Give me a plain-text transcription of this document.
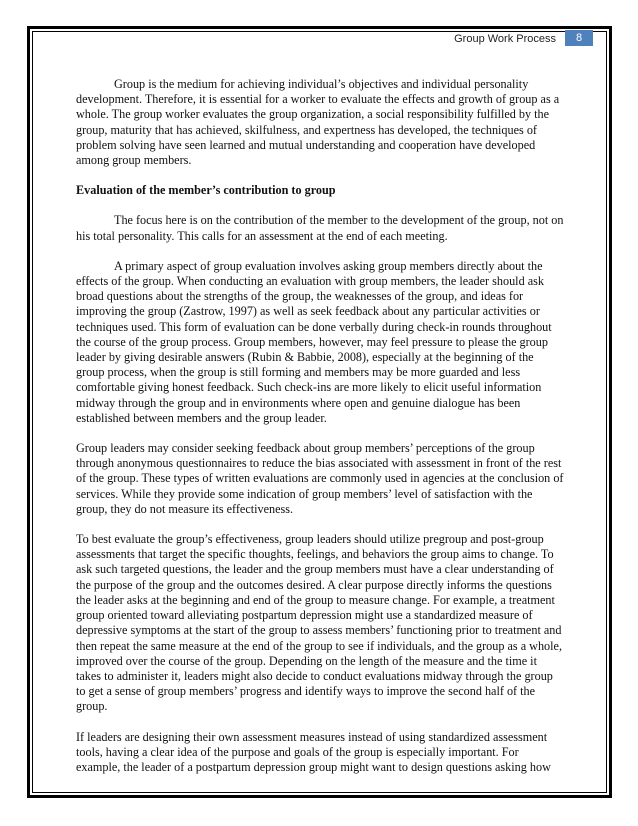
Group Work Process	8

Group is the medium for achieving individual’s objectives and individual personality development. Therefore, it is essential for a worker to evaluate the effects and growth of group as a whole. The group worker evaluates the group organization, a social responsibility fulfilled by the group, maturity that has achieved, skilfulness, and expertness has developed, the techniques of problem solving have seen learned and mutual understanding and cooperation have developed among group members.

Evaluation of the member’s contribution to group

The focus here is on the contribution of the member to the development of the group, not on his total personality. This calls for an assessment at the end of each meeting.

A primary aspect of group evaluation involves asking group members directly about the effects of the group. When conducting an evaluation with group members, the leader should ask broad questions about the strengths of the group, the weaknesses of the group, and ideas for improving the group (Zastrow, 1997) as well as seek feedback about any particular activities or techniques used. This form of evaluation can be done verbally during check-in rounds throughout the course of the group process. Group members, however, may feel pressure to please the group leader by giving desirable answers (Rubin & Babbie, 2008), especially at the beginning of the group process, when the group is still forming and members may be more guarded and less comfortable giving honest feedback. Such check-ins are more likely to elicit useful information midway through the group and in environments where open and genuine dialogue has been established between members and the group leader.

Group leaders may consider seeking feedback about group members’ perceptions of the group through anonymous questionnaires to reduce the bias associated with assessment in front of the rest of the group. These types of written evaluations are commonly used in agencies at the conclusion of services. While they provide some indication of group members’ level of satisfaction with the group, they do not measure its effectiveness.

To best evaluate the group’s effectiveness, group leaders should utilize pregroup and post-group assessments that target the specific thoughts, feelings, and behaviors the group aims to change. To ask such targeted questions, the leader and the group members must have a clear understanding of the purpose of the group and the outcomes desired. A clear purpose directly informs the questions the leader asks at the beginning and end of the group to measure change. For example, a treatment group oriented toward alleviating postpartum depression might use a standardized measure of depressive symptoms at the start of the group to assess members’ functioning prior to treatment and then repeat the same measure at the end of the group to see if individuals, and the group as a whole, improved over the course of the group. Depending on the length of the measure and the time it takes to administer it, leaders might also decide to conduct evaluations midway through the group to get a sense of group members’ progress and identify ways to improve the second half of the group.

If leaders are designing their own assessment measures instead of using standardized assessment tools, having a clear idea of the purpose and goals of the group is especially important. For example, the leader of a postpartum depression group might want to design questions asking how
